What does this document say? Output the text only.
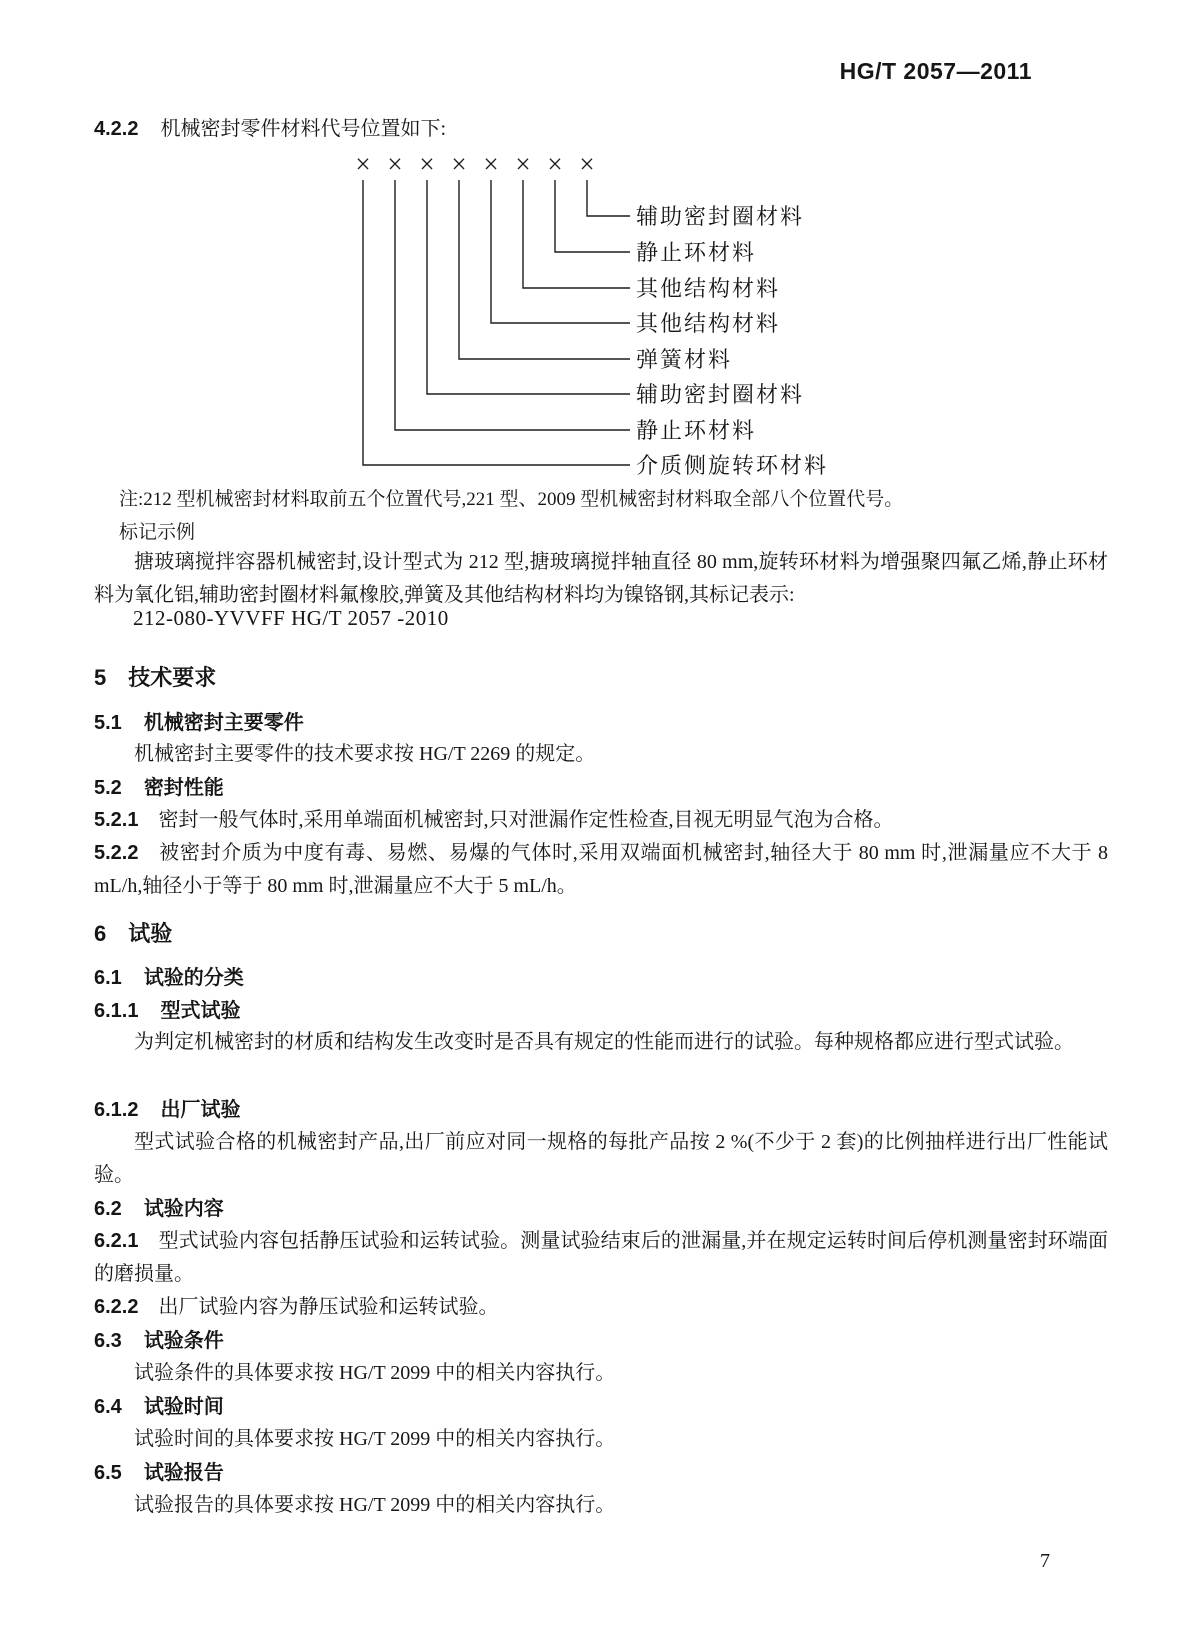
HG/T 2057—2011
4.2.2 机械密封零件材料代号位置如下:
× × × × × × × ×
辅助密封圈材料
静止环材料
其他结构材料
其他结构材料
弹簧材料
辅助密封圈材料
静止环材料
介质侧旋转环材料
注:212 型机械密封材料取前五个位置代号,221 型、2009 型机械密封材料取全部八个位置代号。
标记示例

搪玻璃搅拌容器机械密封,设计型式为 212 型,搪玻璃搅拌轴直径 80 mm,旋转环材料为增强聚四氟乙烯,静止环材料为氧化铝,辅助密封圈材料氟橡胶,弹簧及其他结构材料均为镍铬钢,其标记表示:

212-080-YVVFF HG/T 2057 -2010
5 技术要求
5.1 机械密封主要零件

机械密封主要零件的技术要求按 HG/T 2269 的规定。

5.2 密封性能

5.2.1 密封一般气体时,采用单端面机械密封,只对泄漏作定性检查,目视无明显气泡为合格。

5.2.2 被密封介质为中度有毒、易燃、易爆的气体时,采用双端面机械密封,轴径大于 80 mm 时,泄漏量应不大于 8 mL/h,轴径小于等于 80 mm 时,泄漏量应不大于 5 mL/h。

6 试验
6.1 试验的分类
6.1.1 型式试验

为判定机械密封的材质和结构发生改变时是否具有规定的性能而进行的试验。每种规格都应进行型式试验。

6.1.2 出厂试验

型式试验合格的机械密封产品,出厂前应对同一规格的每批产品按 2 %(不少于 2 套)的比例抽样进行出厂性能试验。

6.2 试验内容

6.2.1 型式试验内容包括静压试验和运转试验。测量试验结束后的泄漏量,并在规定运转时间后停机测量密封环端面的磨损量。

6.2.2 出厂试验内容为静压试验和运转试验。

6.3 试验条件

试验条件的具体要求按 HG/T 2099 中的相关内容执行。

6.4 试验时间

试验时间的具体要求按 HG/T 2099 中的相关内容执行。

6.5 试验报告

试验报告的具体要求按 HG/T 2099 中的相关内容执行。

7
